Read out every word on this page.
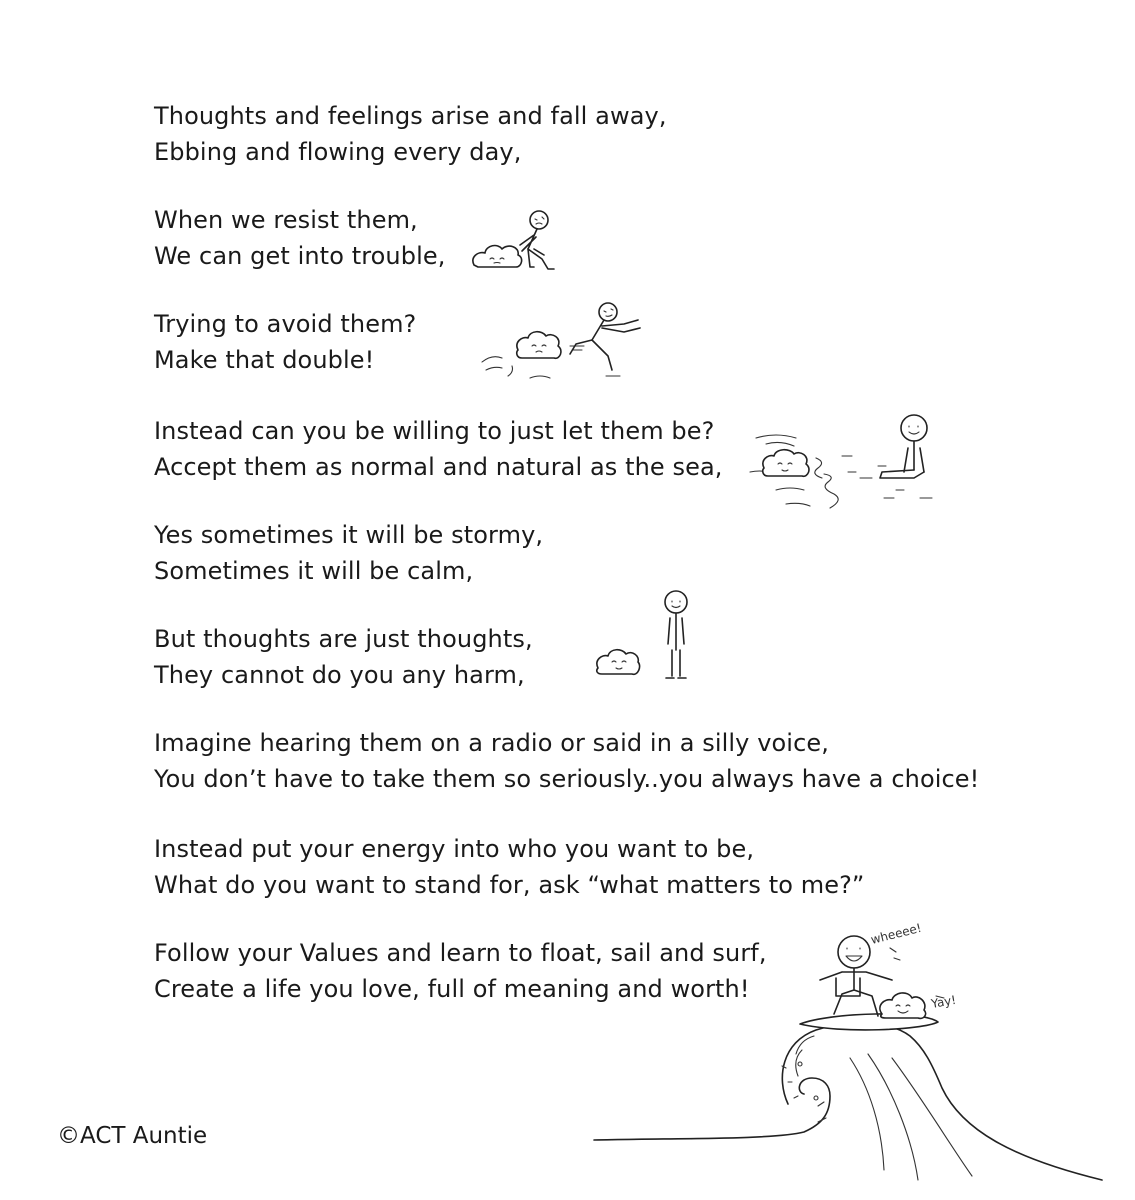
Thoughts and feelings arise and fall away,
Ebbing and flowing every day,
When we resist them,
We can get into trouble,
Trying to avoid them?
Make that double!
Instead can you be willing to just let them be?
Accept them as normal and natural as the sea,
Yes sometimes it will be stormy,
Sometimes it will be calm,
But thoughts are just thoughts,
They cannot do you any harm,
Imagine hearing them on a radio or said in a silly voice,
You don’t have to take them so seriously..you always have a choice!
Instead put your energy into who you want to be,
What do you want to stand for, ask “what matters to me?”
Follow your Values and learn to float, sail and surf,
Create a life you love, full of meaning and worth!
wheeee!
Yay!
©ACT Auntie
